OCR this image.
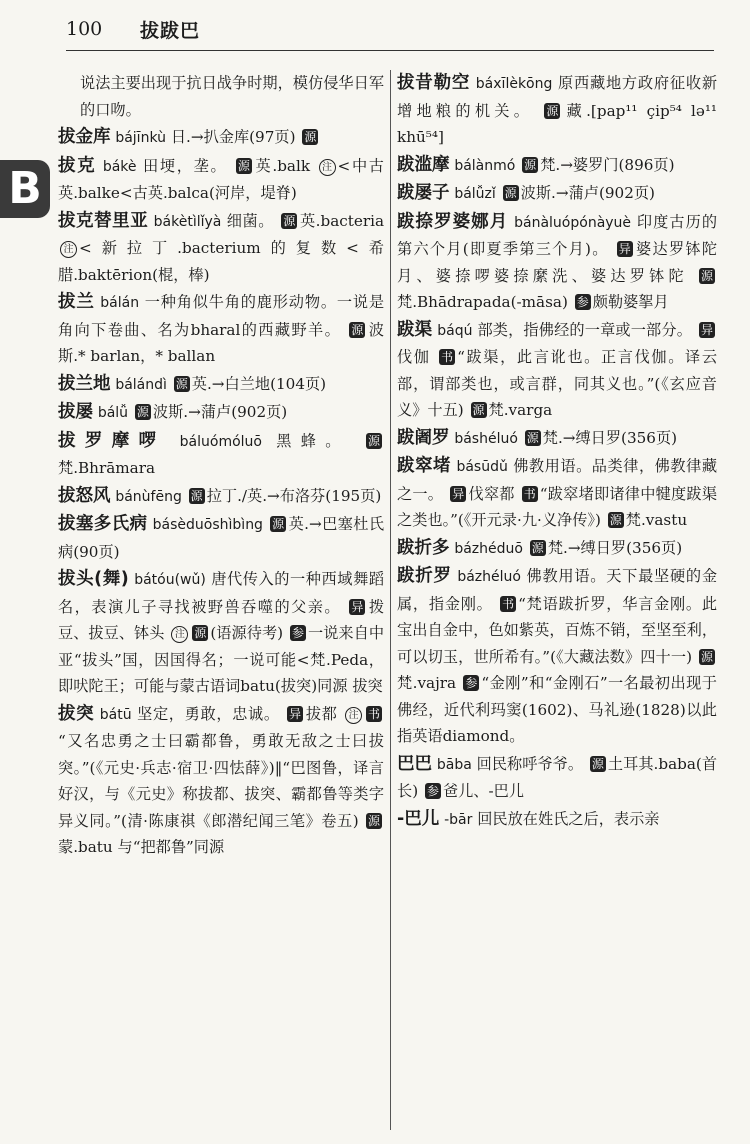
100 拔跋巴
B
说法主要出现于抗日战争时期，模仿侵华日军的口吻。
拔金库 bájīnkù 日.→扒金库(97页) 源
拔克 bákè 田埂，垄。 源 英.balk 注 <中古英.balke<古英.balca(河岸，堤脊)
拔克替里亚 bákètìlǐyà 细菌。 源 英.bacteria 注 <新拉丁.bacterium的复数<希腊.baktērion(棍，棒)
拔兰 bálán 一种角似牛角的鹿形动物。一说是角向下卷曲、名为bharal的西藏野羊。 源 波斯.* barlan，* ballan
拔兰地 bálándì 源 英.→白兰地(104页)
拔屡 bálǚ 源 波斯.→蒲卢(902页)
拔罗摩啰 báluómóluō 黑蜂。 源梵.Bhrāmara
拔怒风 bánùfēng 源 拉丁./英.→布洛芬(195页)
拔塞多氏病 básèduōshìbìng 源 英.→巴塞杜氏病(90页)
拔头(舞) bátóu(wǔ) 唐代传入的一种西域舞蹈名，表演儿子寻找被野兽吞噬的父亲。 异 拨豆、拔豆、钵头 注 源 (语源待考) 参 一说来自中亚“拔头”国，因国得名；一说可能<梵.Peda，即吠陀王；可能与蒙古语词batu(拔突)同源 拔突
拔突 bátū 坚定，勇敢，忠诚。 异 拔都 注 书“又名忠勇之士曰霸都鲁，勇敢无敌之士曰拔突。”(《元史·兵志·宿卫·四怯薛》)‖“巴图鲁，译言好汉，与《元史》称拔都、拔突、霸都鲁等类字异义同。”(清·陈康祺《郎潜纪闻三笔》卷五) 源蒙.batu 与“把都鲁”同源
拔昔勒空 báxīlèkōng 原西藏地方政府征收新增地粮的机关。 源 藏.[pap¹¹ çip⁵⁴ lə¹¹ khū⁵⁴]
跋滥摩 bálànmó 源 梵.→婆罗门(896页)
跋屡子 bálǚzǐ 源 波斯.→蒲卢(902页)
跋捺罗婆娜月 bánàluópónàyuè 印度古历的第六个月(即夏季第三个月)。 异 婆达罗钵陀月、婆捺啰婆捺縻洗、婆达罗钵陀 源梵.Bhādrapada(-māsa) 参 颇勒婆挐月
跋渠 báqú 部类，指佛经的一章或一部分。 异伐伽 书 “跋渠，此言讹也。正言伐伽。译云部，谓部类也，或言群，同其义也。”(《玄应音义》十五) 源 梵.varga
跋阇罗 báshéluó 源 梵.→缚日罗(356页)
跋窣堵 básūdǔ 佛教用语。品类律，佛教律藏之一。 异 伐窣都 书 “跋窣堵即诸律中犍度跋渠之类也。”(《开元录·九·义净传》) 源 梵.vastu
跋折多 bázhéduō 源 梵.→缚日罗(356页)
跋折罗 bázhéluó 佛教用语。天下最坚硬的金属，指金刚。 书 “梵语跋折罗，华言金刚。此宝出自金中，色如紫英，百炼不销，至坚至利，可以切玉，世所希有。”(《大藏法数》四十一) 源梵.vajra 参 “金刚”和“金刚石”一名最初出现于佛经，近代利玛窦(1602)、马礼逊(1828)以此指英语diamond。
巴巴 bāba 回民称呼爷爷。 源 土耳其.baba(首长) 参 爸儿、-巴儿
-巴儿 -bār 回民放在姓氏之后，表示亲
